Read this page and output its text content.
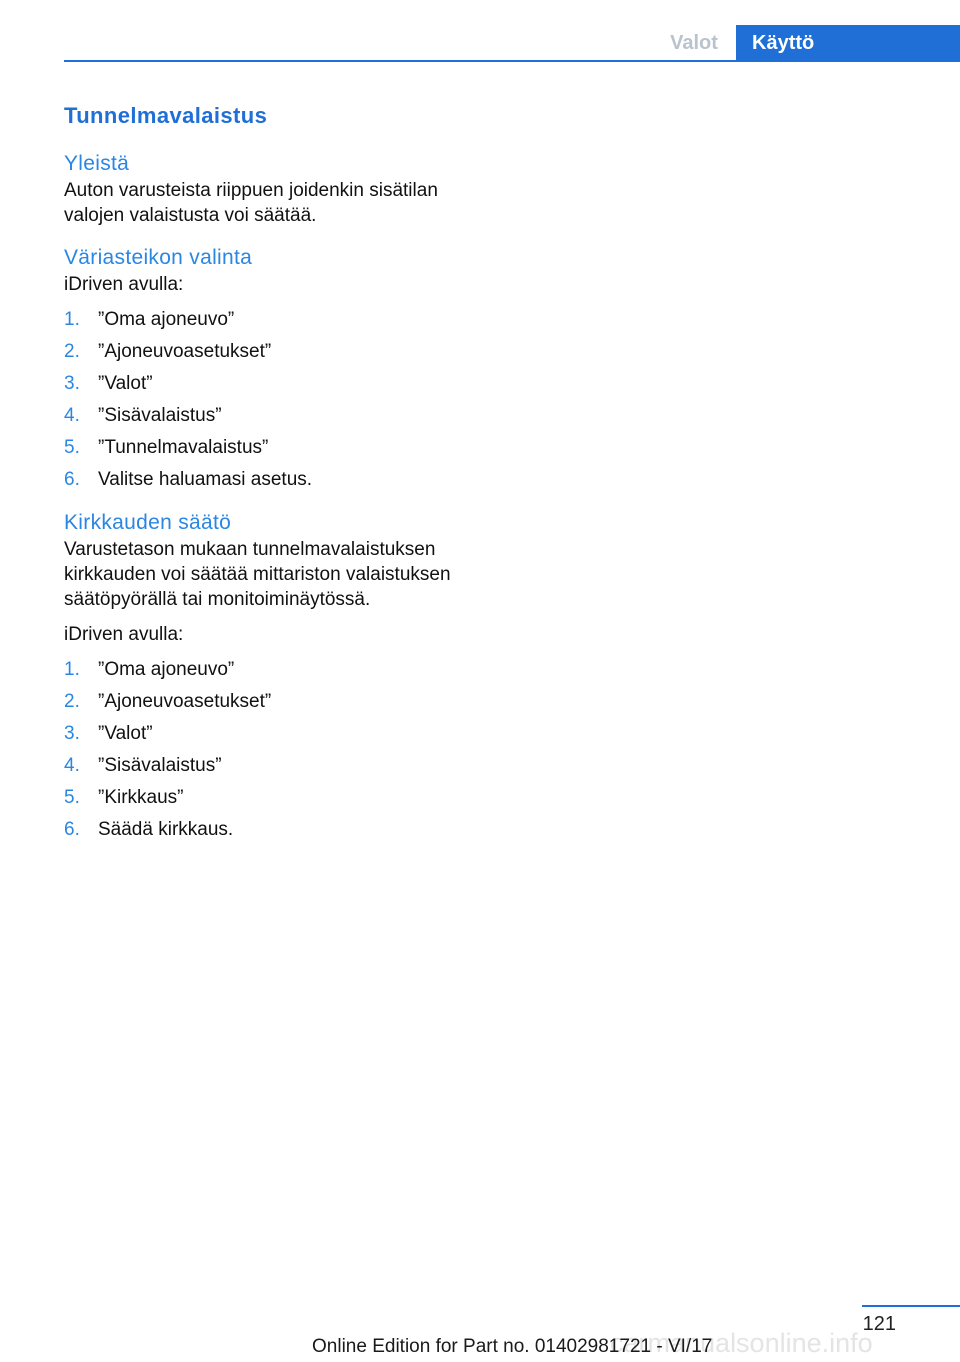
Valot	Käyttö
Tunnelmavalaistus
Yleistä

Auton varusteista riippuen joidenkin sisätilan valojen valaistusta voi säätää.

Väriasteikon valinta

iDriven avulla:

1. ”Oma ajoneuvo”
2. ”Ajoneuvoasetukset”
3. ”Valot”
4. ”Sisävalaistus”
5. ”Tunnelmavalaistus”
6. Valitse haluamasi asetus.
Kirkkauden säätö

Varustetason mukaan tunnelmavalaistuksen kirkkauden voi säätää mittariston valaistuksen säätöpyörällä tai monitoiminäytössä.

iDriven avulla:

1. ”Oma ajoneuvo”
2. ”Ajoneuvoasetukset”
3. ”Valot”
4. ”Sisävalaistus”
5. ”Kirkkaus”
6. Säädä kirkkaus.
121
carmanualsonline.info
Online Edition for Part no. 01402981721 - VI/17
